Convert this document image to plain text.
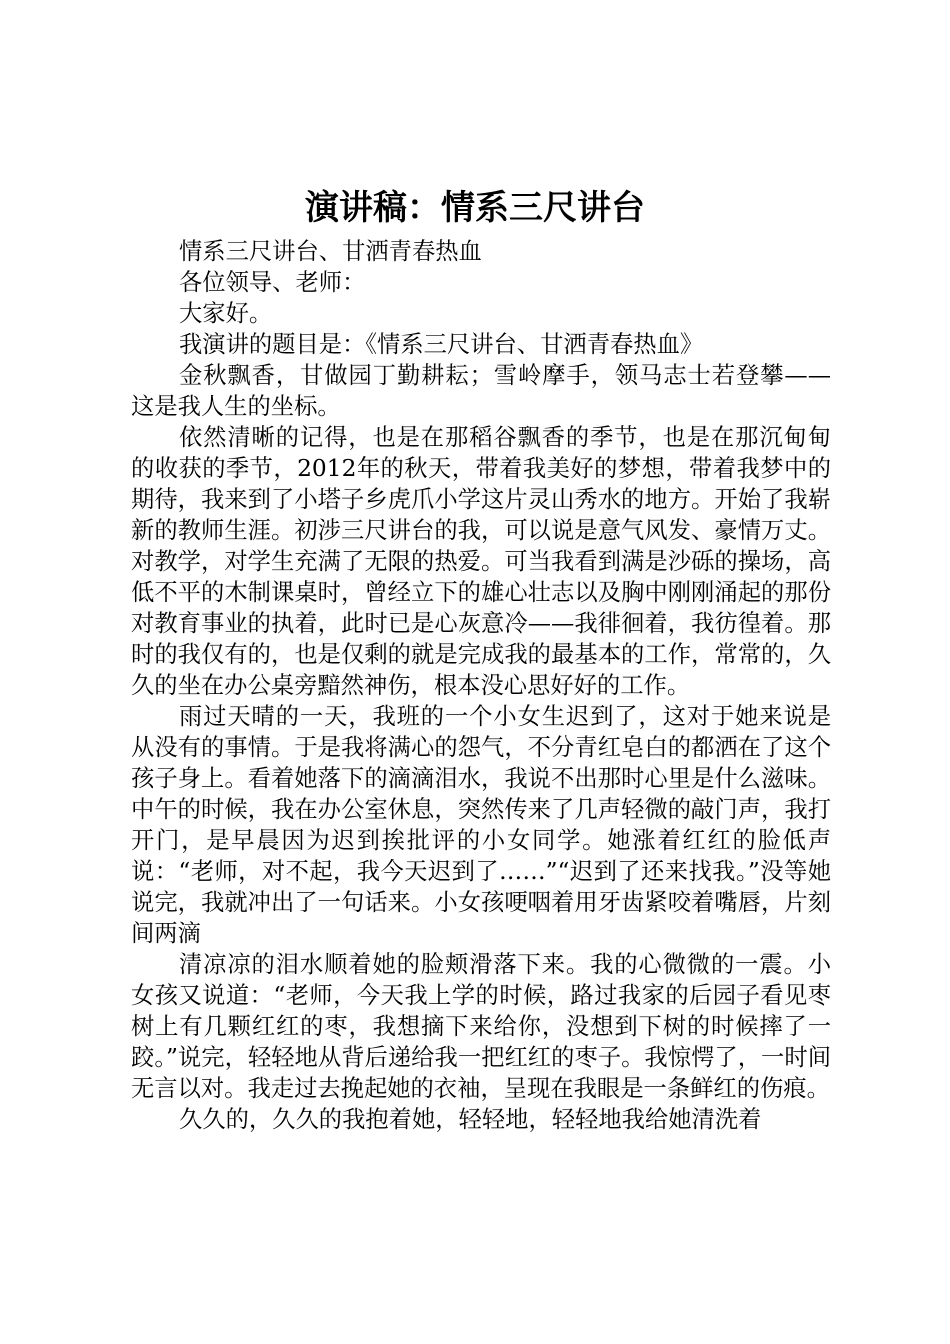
演讲稿：情系三尺讲台

情系三尺讲台、甘洒青春热血

各位领导、老师：

大家好。

我演讲的题目是：《情系三尺讲台、甘洒青春热血》

金秋飘香，甘做园丁勤耕耘；雪岭摩手，领马志士若登攀——这是我人生的坐标。

依然清晰的记得，也是在那稻谷飘香的季节，也是在那沉甸甸的收获的季节，2012年的秋天，带着我美好的梦想，带着我梦中的期待，我来到了小塔子乡虎爪小学这片灵山秀水的地方。开始了我崭新的教师生涯。初涉三尺讲台的我，可以说是意气风发、豪情万丈。对教学，对学生充满了无限的热爱。可当我看到满是沙砾的操场，高低不平的木制课桌时，曾经立下的雄心壮志以及胸中刚刚涌起的那份对教育事业的执着，此时已是心灰意冷——我徘徊着，我彷徨着。那时的我仅有的，也是仅剩的就是完成我的最基本的工作，常常的，久久的坐在办公桌旁黯然神伤，根本没心思好好的工作。

雨过天晴的一天，我班的一个小女生迟到了，这对于她来说是从没有的事情。于是我将满心的怨气，不分青红皂白的都洒在了这个孩子身上。看着她落下的滴滴泪水，我说不出那时心里是什么滋味。中午的时候，我在办公室休息，突然传来了几声轻微的敲门声，我打开门，是早晨因为迟到挨批评的小女同学。她涨着红红的脸低声说：“老师，对不起，我今天迟到了……”“迟到了还来找我。”没等她说完，我就冲出了一句话来。小女孩哽咽着用牙齿紧咬着嘴唇，片刻间两滴

清凉凉的泪水顺着她的脸颊滑落下来。我的心微微的一震。小女孩又说道：“老师，今天我上学的时候，路过我家的后园子看见枣树上有几颗红红的枣，我想摘下来给你，没想到下树的时候摔了一跤。”说完，轻轻地从背后递给我一把红红的枣子。我惊愕了，一时间无言以对。我走过去挽起她的衣袖，呈现在我眼是一条鲜红的伤痕。

久久的，久久的我抱着她，轻轻地，轻轻地我给她清洗着
